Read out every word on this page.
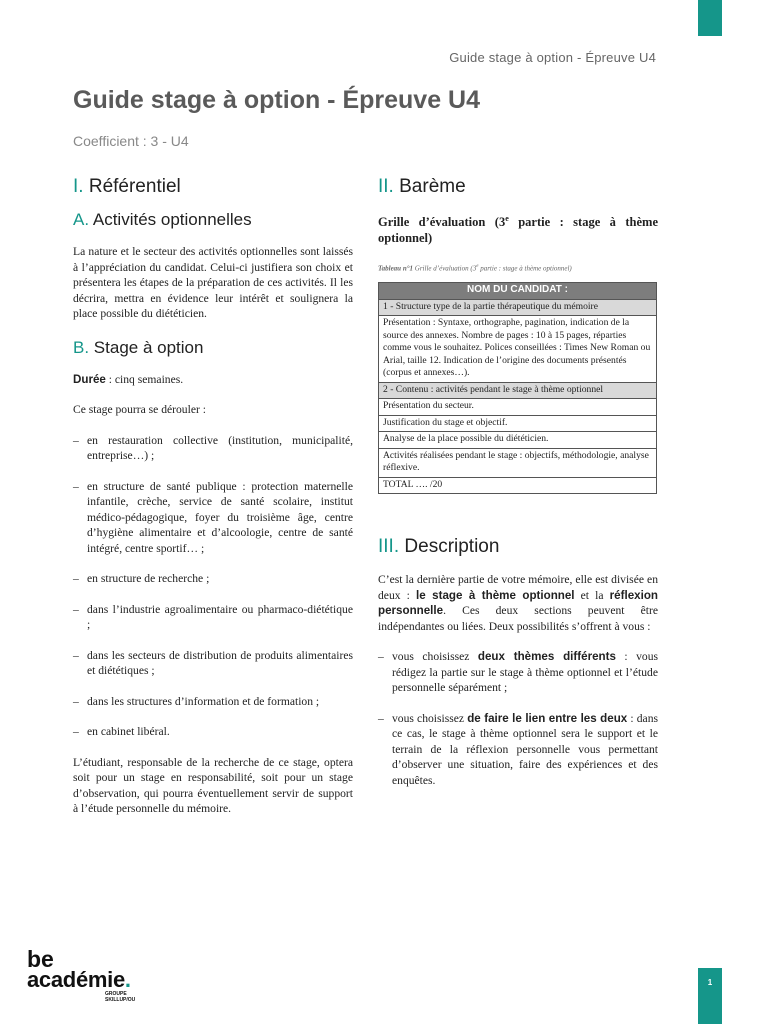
1
Guide stage à option - Épreuve U4
Guide stage à option - Épreuve U4
Coefficient : 3 - U4
I. Référentiel
A. Activités optionnelles

La nature et le secteur des activités optionnelles sont laissés à l’appréciation du candidat. Celui-ci justifiera son choix et présentera les étapes de la préparation de ces activités. Il les décrira, mettra en évidence leur intérêt et soulignera la place possible du diététicien.

B. Stage à option

Durée : cinq semaines.

Ce stage pourra se dérouler :

– en restauration collective (institution, municipalité, entreprise…) ;

– en structure de santé publique : protection maternelle infantile, crèche, service de santé scolaire, institut médico-pédagogique, foyer du troisième âge, centre d’hygiène alimentaire et d’alcoologie, centre de santé intégré, centre sportif… ;

– en structure de recherche ;

– dans l’industrie agroalimentaire ou pharmaco-diététique ;

– dans les secteurs de distribution de produits alimentaires et diététiques ;

– dans les structures d’information et de formation ;

– en cabinet libéral.

L’étudiant, responsable de la recherche de ce stage, optera soit pour un stage en responsabilité, soit pour un stage d’observation, qui pourra éventuellement servir de support à l’étude personnelle du mémoire.

II. Barème

Grille d’évaluation (3e partie : stage à thème optionnel)

Tableau n°1 Grille d’évaluation (3e partie : stage à thème optionnel)

NOM DU CANDIDAT :
1 - Structure type de la partie thérapeutique du mémoire
Présentation : Syntaxe, orthographe, pagination, indication de la source des annexes. Nombre de pages : 10 à 15 pages, réparties comme vous le souhaitez. Polices conseillées : Times New Roman ou Arial, taille 12. Indication de l’origine des documents présentés (corpus et annexes…).
2 - Contenu : activités pendant le stage à thème optionnel
Présentation du secteur.
Justification du stage et objectif.
Analyse de la place possible du diététicien.
Activités réalisées pendant le stage : objectifs, méthodologie, analyse réflexive.
TOTAL …. /20
III. Description

C’est la dernière partie de votre mémoire, elle est divisée en deux : le stage à thème optionnel et la réflexion personnelle. Ces deux sections peuvent être indépendantes ou liées. Deux possibilités s’offrent à vous :

– vous choisissez deux thèmes différents : vous rédigez la partie sur le stage à thème optionnel et l’étude personnelle séparément ;

– vous choisissez de faire le lien entre les deux : dans ce cas, le stage à thème optionnel sera le support et le terrain de la réflexion personnelle vous permettant d’observer une situation, faire des expériences et des enquêtes.

be
académie.
GROUPE SKILLUP/OU
